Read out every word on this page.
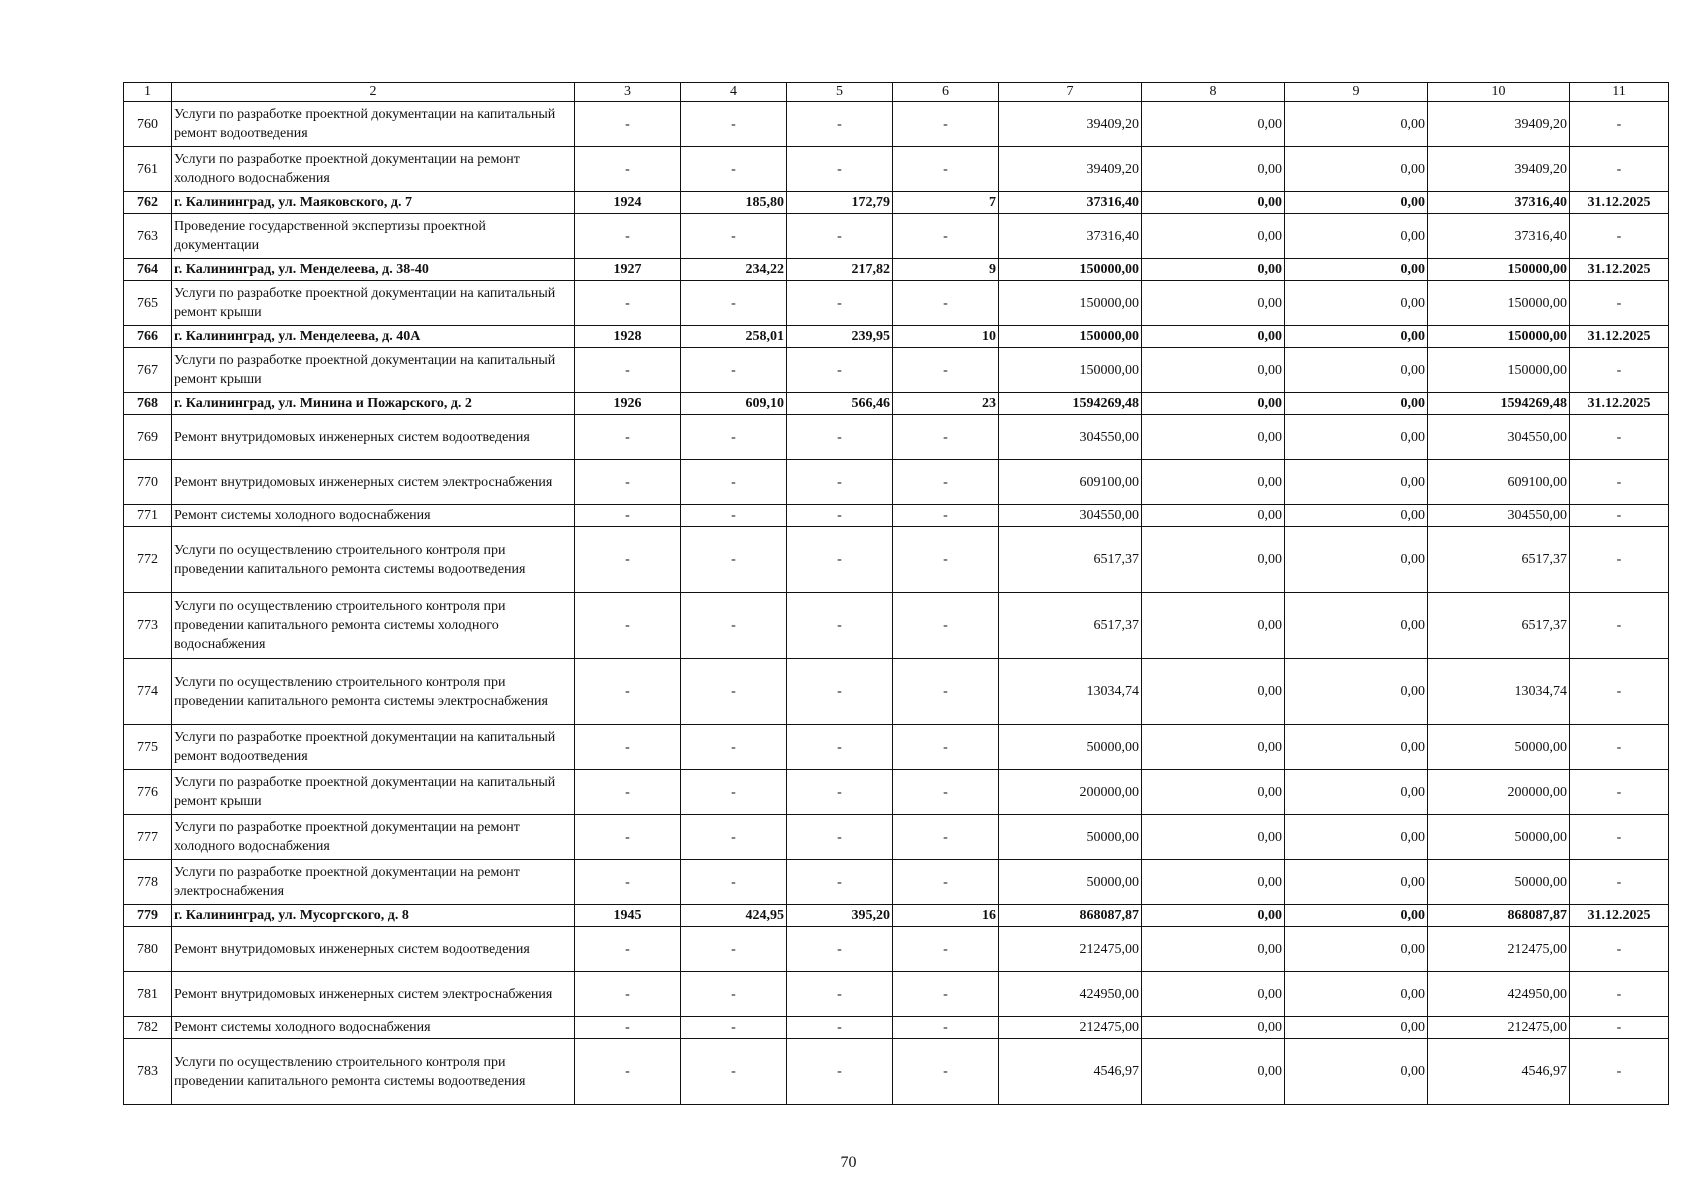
1	2	3	4	5	6	7	8	9	10	11
760	Услуги по разработке проектной документации на капитальный ремонт водоотведения	-	-	-	-	39409,20	0,00	0,00	39409,20	-
761	Услуги по разработке проектной документации на ремонт холодного водоснабжения	-	-	-	-	39409,20	0,00	0,00	39409,20	-
762	г. Калининград, ул. Маяковского, д. 7	1924	185,80	172,79	7	37316,40	0,00	0,00	37316,40	31.12.2025
763	Проведение государственной экспертизы проектной документации	-	-	-	-	37316,40	0,00	0,00	37316,40	-
764	г. Калининград, ул. Менделеева, д. 38-40	1927	234,22	217,82	9	150000,00	0,00	0,00	150000,00	31.12.2025
765	Услуги по разработке проектной документации на капитальный ремонт крыши	-	-	-	-	150000,00	0,00	0,00	150000,00	-
766	г. Калининград, ул. Менделеева, д. 40А	1928	258,01	239,95	10	150000,00	0,00	0,00	150000,00	31.12.2025
767	Услуги по разработке проектной документации на капитальный ремонт крыши	-	-	-	-	150000,00	0,00	0,00	150000,00	-
768	г. Калининград, ул. Минина и Пожарского, д. 2	1926	609,10	566,46	23	1594269,48	0,00	0,00	1594269,48	31.12.2025
769	Ремонт внутридомовых инженерных систем водоотведения	-	-	-	-	304550,00	0,00	0,00	304550,00	-
770	Ремонт внутридомовых инженерных систем электроснабжения	-	-	-	-	609100,00	0,00	0,00	609100,00	-
771	Ремонт системы холодного водоснабжения	-	-	-	-	304550,00	0,00	0,00	304550,00	-
772	Услуги по осуществлению строительного контроля при проведении капитального ремонта системы водоотведения	-	-	-	-	6517,37	0,00	0,00	6517,37	-
773	Услуги по осуществлению строительного контроля при проведении капитального ремонта системы холодного водоснабжения	-	-	-	-	6517,37	0,00	0,00	6517,37	-
774	Услуги по осуществлению строительного контроля при проведении капитального ремонта системы электроснабжения	-	-	-	-	13034,74	0,00	0,00	13034,74	-
775	Услуги по разработке проектной документации на капитальный ремонт водоотведения	-	-	-	-	50000,00	0,00	0,00	50000,00	-
776	Услуги по разработке проектной документации на капитальный ремонт крыши	-	-	-	-	200000,00	0,00	0,00	200000,00	-
777	Услуги по разработке проектной документации на ремонт холодного водоснабжения	-	-	-	-	50000,00	0,00	0,00	50000,00	-
778	Услуги по разработке проектной документации на ремонт электроснабжения	-	-	-	-	50000,00	0,00	0,00	50000,00	-
779	г. Калининград, ул. Мусоргского, д. 8	1945	424,95	395,20	16	868087,87	0,00	0,00	868087,87	31.12.2025
780	Ремонт внутридомовых инженерных систем водоотведения	-	-	-	-	212475,00	0,00	0,00	212475,00	-
781	Ремонт внутридомовых инженерных систем электроснабжения	-	-	-	-	424950,00	0,00	0,00	424950,00	-
782	Ремонт системы холодного водоснабжения	-	-	-	-	212475,00	0,00	0,00	212475,00	-
783	Услуги по осуществлению строительного контроля при проведении капитального ремонта системы водоотведения	-	-	-	-	4546,97	0,00	0,00	4546,97	-
70
